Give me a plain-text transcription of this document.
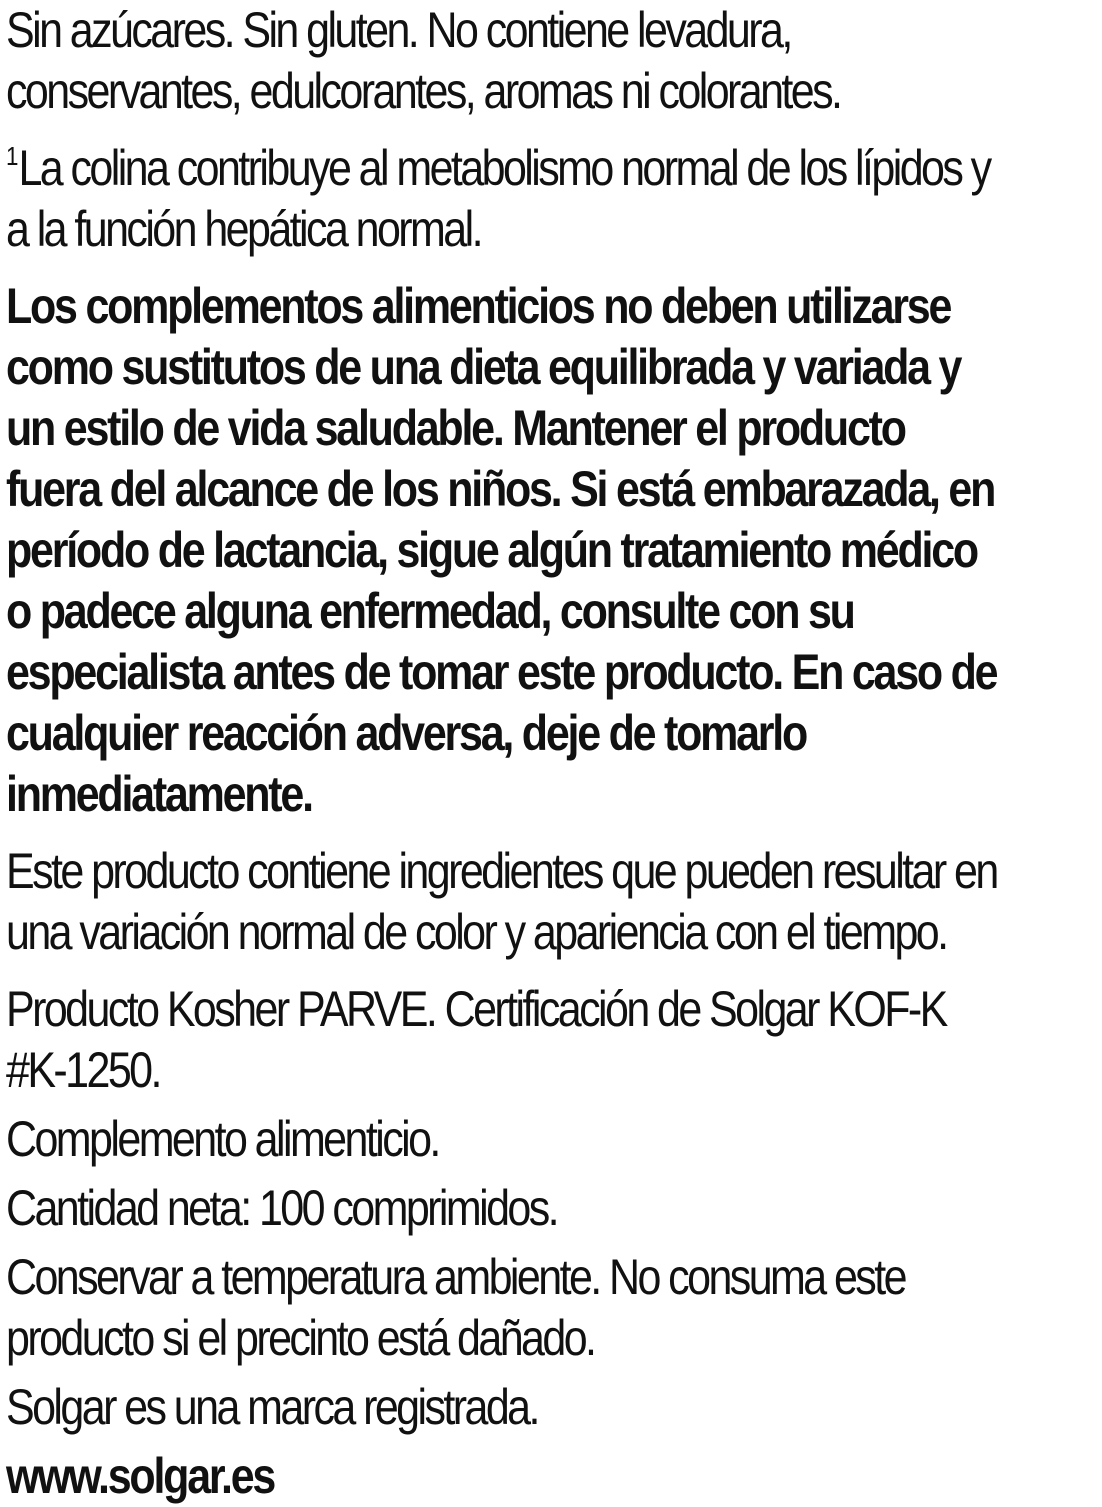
Sin azúcares. Sin gluten. No contiene levadura,
conservantes, edulcorantes, aromas ni colorantes.
$^1$La colina contribuye al metabolismo normal de los lípidos y
a la función hepática normal.
Los complementos alimenticios no deben utilizarse
como sustitutos de una dieta equilibrada y variada y
un estilo de vida saludable. Mantener el producto
fuera del alcance de los niños. Si está embarazada, en
período de lactancia, sigue algún tratamiento médico
o padece alguna enfermedad, consulte con su
especialista antes de tomar este producto. En caso de
cualquier reacción adversa, deje de tomarlo
inmediatamente.
Este producto contiene ingredientes que pueden resultar en
una variación normal de color y apariencia con el tiempo.
Producto Kosher PARVE. Certificación de Solgar KOF-K
#K-1250.
Complemento alimenticio.
Cantidad neta: 100 comprimidos.
Conservar a temperatura ambiente. No consuma este
producto si el precinto está dañado.
Solgar es una marca registrada.
www.solgar.es
